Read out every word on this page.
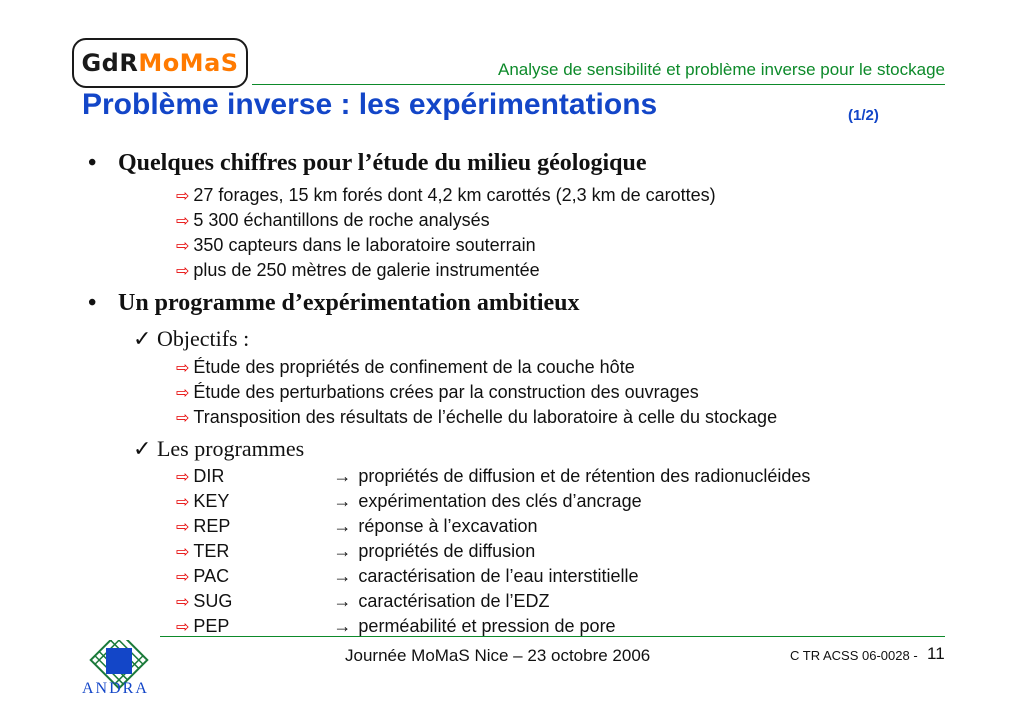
GdR MoMaS	Analyse de sensibilité et problème inverse pour le stockage
Problème inverse : les expérimentations	(1/2)
• Quelques chiffres pour l’étude du milieu géologique
⇨ 27 forages, 15 km forés dont 4,2 km carottés (2,3 km de carottes)
⇨ 5 300 échantillons de roche analysés
⇨ 350 capteurs dans le laboratoire souterrain
⇨ plus de 250 mètres de galerie instrumentée
• Un programme d’expérimentation ambitieux
✓ Objectifs :
⇨ Étude des propriétés de confinement de la couche hôte
⇨ Étude des perturbations crées par la construction des ouvrages
⇨ Transposition des résultats de l’échelle du laboratoire à celle du stockage
✓ Les programmes
⇨ DIR	→ propriétés de diffusion et de rétention des radionucléides
⇨ KEY	→ expérimentation des clés d’ancrage
⇨ REP	→ réponse à l’excavation
⇨ TER	→ propriétés de diffusion
⇨ PAC	→ caractérisation de l’eau interstitielle
⇨ SUG	→ caractérisation de l’EDZ
⇨ PEP	→ perméabilité et pression de pore
ANDRA
Journée MoMaS Nice – 23 octobre 2006	C TR ACSS 06-0028 - 11
